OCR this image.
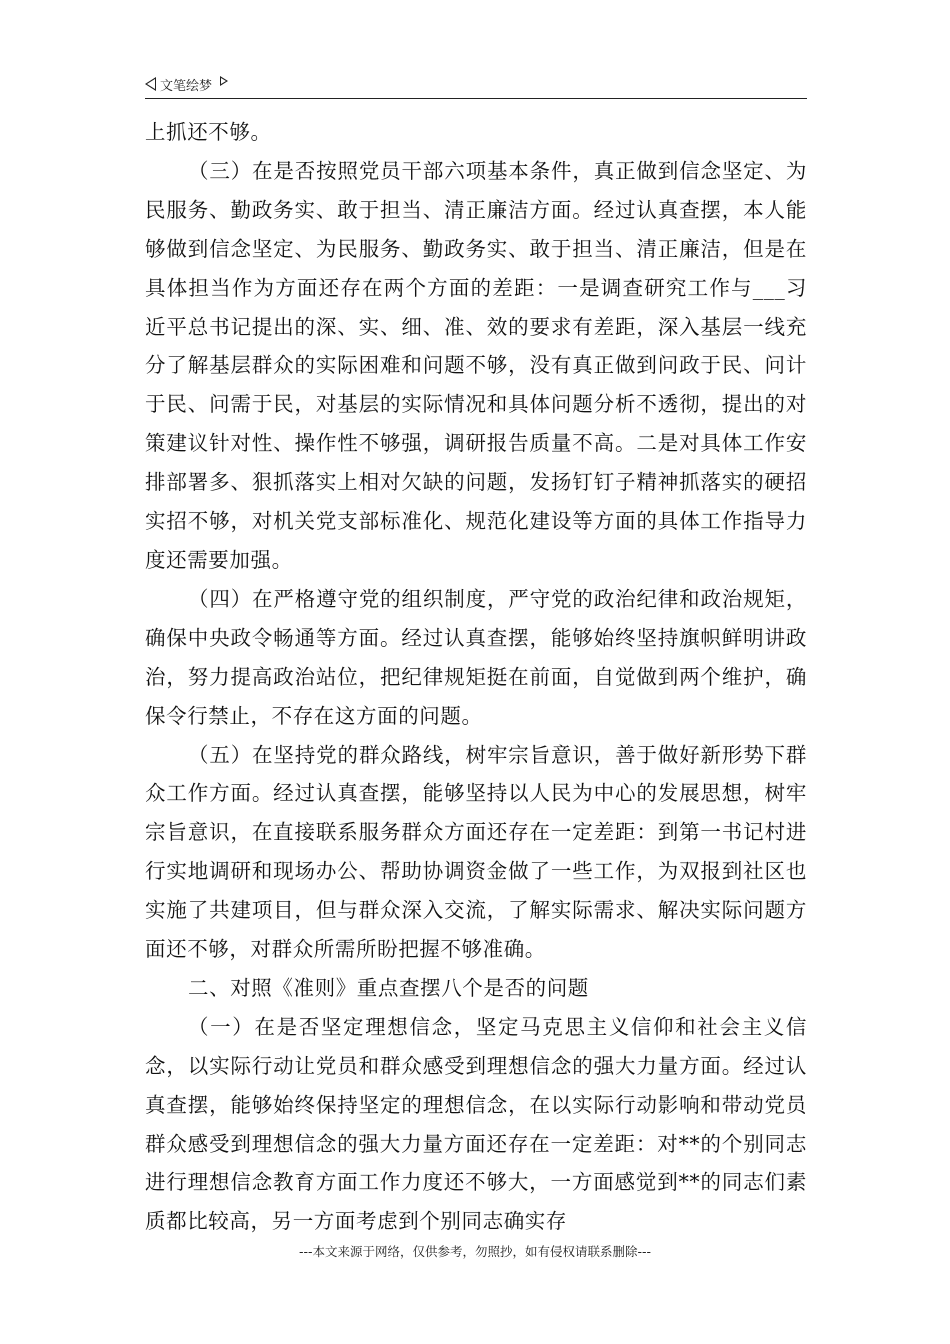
文笔绘梦

上抓还不够。

（三）在是否按照党员干部六项基本条件，真正做到信念坚定、为民服务、勤政务实、敢于担当、清正廉洁方面。经过认真查摆，本人能够做到信念坚定、为民服务、勤政务实、敢于担当、清正廉洁，但是在具体担当作为方面还存在两个方面的差距：一是调查研究工作与___习近平总书记提出的深、实、细、准、效的要求有差距，深入基层一线充分了解基层群众的实际困难和问题不够，没有真正做到问政于民、问计于民、问需于民，对基层的实际情况和具体问题分析不透彻，提出的对策建议针对性、操作性不够强，调研报告质量不高。二是对具体工作安排部署多、狠抓落实上相对欠缺的问题，发扬钉钉子精神抓落实的硬招实招不够，对机关党支部标准化、规范化建设等方面的具体工作指导力度还需要加强。

（四）在严格遵守党的组织制度，严守党的政治纪律和政治规矩，确保中央政令畅通等方面。经过认真查摆，能够始终坚持旗帜鲜明讲政治，努力提高政治站位，把纪律规矩挺在前面，自觉做到两个维护，确保令行禁止，不存在这方面的问题。

（五）在坚持党的群众路线，树牢宗旨意识，善于做好新形势下群众工作方面。经过认真查摆，能够坚持以人民为中心的发展思想，树牢宗旨意识，在直接联系服务群众方面还存在一定差距：到第一书记村进行实地调研和现场办公、帮助协调资金做了一些工作，为双报到社区也实施了共建项目，但与群众深入交流，了解实际需求、解决实际问题方面还不够，对群众所需所盼把握不够准确。

二、对照《准则》重点查摆八个是否的问题

（一）在是否坚定理想信念，坚定马克思主义信仰和社会主义信念，以实际行动让党员和群众感受到理想信念的强大力量方面。经过认真查摆，能够始终保持坚定的理想信念，在以实际行动影响和带动党员群众感受到理想信念的强大力量方面还存在一定差距：对**的个别同志进行理想信念教育方面工作力度还不够大，一方面感觉到**的同志们素质都比较高，另一方面考虑到个别同志确实存

---本文来源于网络，仅供参考，勿照抄，如有侵权请联系删除---
